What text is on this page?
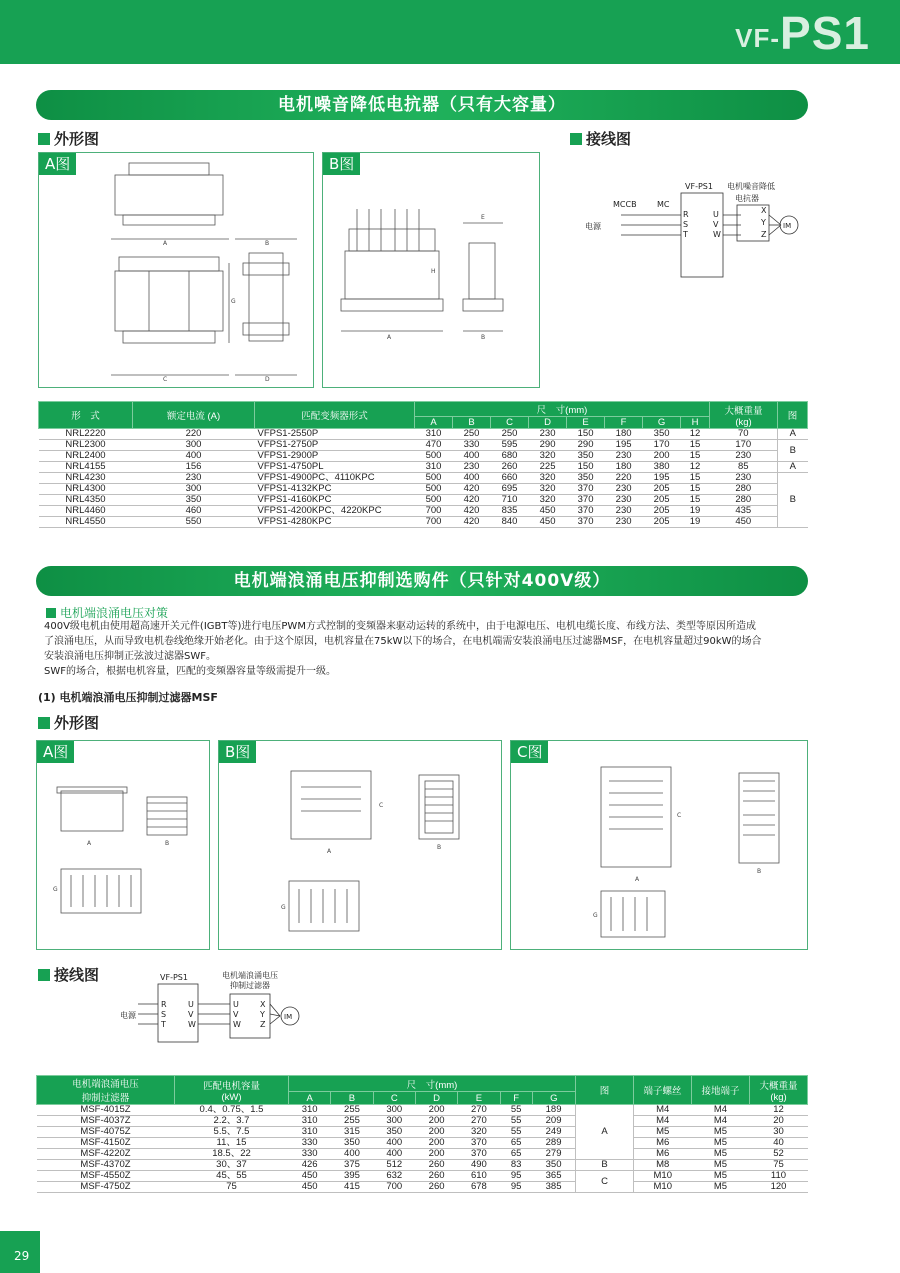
VF-PS1
电机噪音降低电抗器（只有大容量）
外形图	接线图
A图
A
C
B
D
G
B图
A	B
E
H
VF-PS1 电机噪音降低
电抗器
MCCB	MC
电源
R
S
T
U
V
W
X
Y
Z
IM
形　式	额定电流 (A)	匹配变频器形式	尺　寸(mm)								大概重量
(kg)	图
			A	B	C	D	E	F	G	H		
NRL2220	220	VFPS1-2550P	310	250	250	230	150	180	350	12	70	A
NRL2300	300	VFPS1-2750P	470	330	595	290	290	195	170	15	170	B
NRL2400	400	VFPS1-2900P	500	400	680	320	350	230	200	15	230	
NRL4155	156	VFPS1-4750PL	310	230	260	225	150	180	380	12	85	A
NRL4230	230	VFPS1-4900PC、4110KPC	500	400	660	320	350	220	195	15	230	B
NRL4300	300	VFPS1-4132KPC	500	420	695	320	370	230	205	15	280	
NRL4350	350	VFPS1-4160KPC	500	420	710	320	370	230	205	15	280	
NRL4460	460	VFPS1-4200KPC、4220KPC	700	420	835	450	370	230	205	19	435	
NRL4550	550	VFPS1-4280KPC	700	420	840	450	370	230	205	19	450	
电机端浪涌电压抑制选购件（只针对400V级）
电机端浪涌电压对策
400V级电机由使用超高速开关元件(IGBT等)进行电压PWM方式控制的变频器来驱动运转的系统中，由于电源电压、电机电缆长度、布线方法、类型等原因所造成
了浪涌电压，从而导致电机卷线绝缘开始老化。由于这个原因，电机容量在75kW以下的场合，在电机端需安装浪涌电压过滤器MSF，在电机容量超过90kW的场合
安装浪涌电压抑制正弦波过滤器SWF。
SWF的场合，根据电机容量，匹配的变频器容量等级需提升一级。
(1) 电机端浪涌电压抑制过滤器MSF
外形图
A图
A	B
G
B图
A
B
C
G
C图
A
B
C
G
接线图	VF-PS1	电机端浪涌电压
抑制过滤器
电源
R
S
T
U
V
W
U
V
W
X
Y
Z
IM
电机端浪涌电压
抑制过滤器	匹配电机容量
(kW)	尺　寸(mm)							图	端子螺丝	接地端子	大概重量
(kg)
		A	B	C	D	E	F	G				
MSF-4015Z	0.4、0.75、1.5	310	255	300	200	270	55	189	A	M4	M4	12
MSF-4037Z	2.2、3.7	310	255	300	200	270	55	209		M4	M4	20
MSF-4075Z	5.5、7.5	310	315	350	200	320	55	249		M5	M5	30
MSF-4150Z	11、15	330	350	400	200	370	65	289		M6	M5	40
MSF-4220Z	18.5、22	330	400	400	200	370	65	279		M6	M5	52
MSF-4370Z	30、37	426	375	512	260	490	83	350	B	M8	M5	75
MSF-4550Z	45、55	450	395	632	260	610	95	365	C	M10	M5	110
MSF-4750Z	75	450	415	700	260	678	95	385		M10	M5	120
29
